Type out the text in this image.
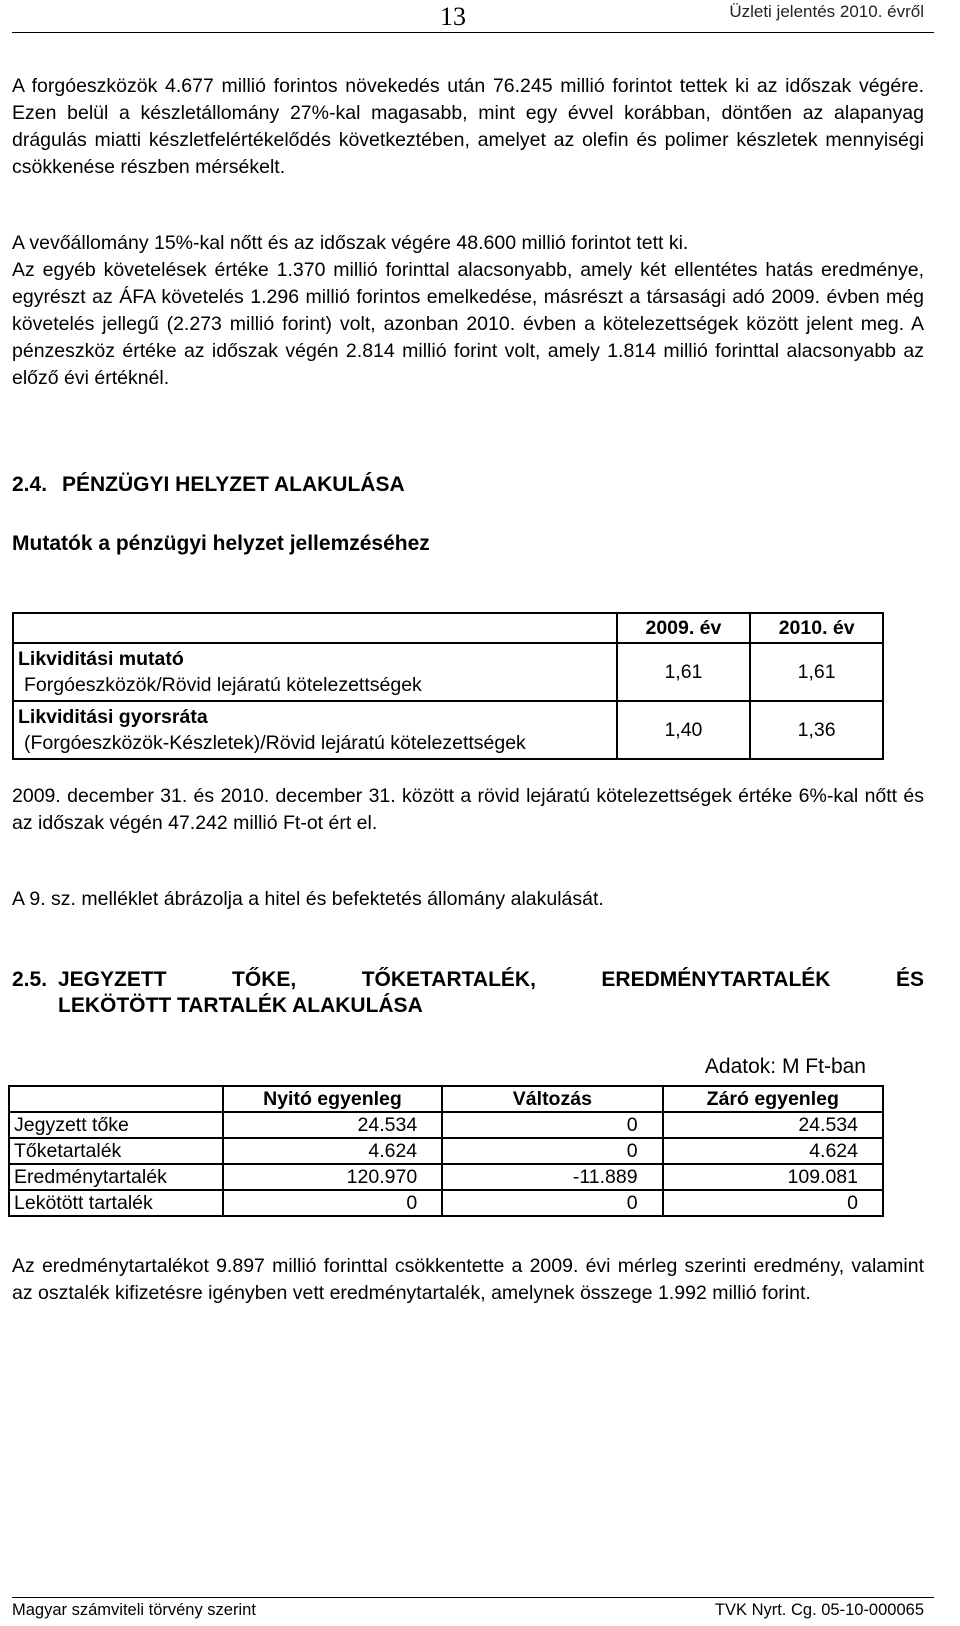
13	Üzleti jelentés 2010. évről

A forgóeszközök 4.677 millió forintos növekedés után 76.245 millió forintot tettek ki az időszak végére. Ezen belül a készletállomány 27%-kal magasabb, mint egy évvel korábban, döntően az alapanyag drágulás miatti készletfelértékelődés következtében, amelyet az olefin és polimer készletek mennyiségi csökkenése részben mérsékelt.

A vevőállomány 15%-kal nőtt és az időszak végére 48.600 millió forintot tett ki.

Az egyéb követelések értéke 1.370 millió forinttal alacsonyabb, amely két ellentétes hatás eredménye, egyrészt az ÁFA követelés 1.296 millió forintos emelkedése, másrészt a társasági adó 2009. évben még követelés jellegű (2.273 millió forint) volt, azonban 2010. évben a kötelezettségek között jelent meg. A pénzeszköz értéke az időszak végén 2.814 millió forint volt, amely 1.814 millió forinttal alacsonyabb az előző évi értéknél.

2.4. PÉNZÜGYI HELYZET ALAKULÁSA
Mutatók a pénzügyi helyzet jellemzéséhez
	2009. év	2010. év

Likviditási mutató
Forgóeszközök/Rövid lejáratú kötelezettségek	1,61	1,61

Likviditási gyorsráta
(Forgóeszközök-Készletek)/Rövid lejáratú kötelezettségek	1,40	1,36

2009. december 31. és 2010. december 31. között a rövid lejáratú kötelezettségek értéke 6%-kal nőtt és az időszak végén 47.242 millió Ft-ot ért el.

A 9. sz. melléklet ábrázolja a hitel és befektetés állomány alakulását.

2.5. JEGYZETT TŐKE, TŐKETARTALÉK, EREDMÉNYTARTALÉK ÉS
LEKÖTÖTT TARTALÉK ALAKULÁSA
Adatok: M Ft-ban
	Nyitó egyenleg	Változás	Záró egyenleg
Jegyzett tőke	24.534	0	24.534
Tőketartalék	4.624	0	4.624
Eredménytartalék	120.970	-11.889	109.081
Lekötött tartalék	0	0	0

Az eredménytartalékot 9.897 millió forinttal csökkentette a 2009. évi mérleg szerinti eredmény, valamint az osztalék kifizetésre igényben vett eredménytartalék, amelynek összege 1.992 millió forint.

Magyar számviteli törvény szerint	TVK Nyrt. Cg. 05-10-000065
